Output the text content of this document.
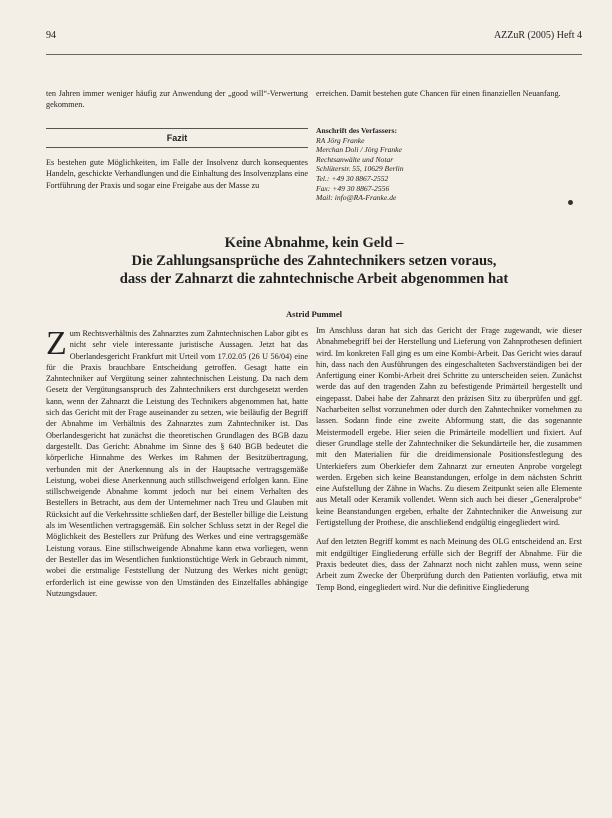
94	AZZuR (2005) Heft 4
ten Jahren immer weniger häufig zur Anwendung der „good will“-Verwertung gekommen.
erreichen. Damit bestehen gute Chancen für einen finanziellen Neuanfang.
Fazit
Es bestehen gute Möglichkeiten, im Falle der Insolvenz durch konsequentes Handeln, geschickte Verhandlungen und die Einhaltung des Insolvenzplans eine Fortführung der Praxis und sogar eine Freigabe aus der Masse zu
Anschrift des Verfassers:
RA Jörg Franke
Merchan Doli / Jörg Franke
Rechtsanwälte und Notar
Schlüterstr. 55, 10629 Berlin
Tel.: +49 30 8867-2552
Fax: +49 30 8867-2556
Mail: info@RA-Franke.de
Keine Abnahme, kein Geld –
Die Zahlungsansprüche des Zahntechnikers setzen voraus,
dass der Zahnarzt die zahntechnische Arbeit abgenommen hat
Astrid Pummel
Z um Rechtsverhältnis des Zahnarztes zum Zahntechnischen Labor gibt es nicht sehr viele interessante juristische Aussagen. Jetzt hat das Oberlandesgericht Frankfurt mit Urteil vom 17.02.05 (26 U 56/04) eine für die Praxis brauchbare Entscheidung getroffen. Gesagt hatte ein Zahntechniker auf Vergütung seiner zahntechnischen Leistung. Da nach dem Gesetz der Vergütungsanspruch des Zahntechnikers erst durchgesetzt werden kann, wenn der Zahnarzt die Leistung des Technikers abgenommen hat, hatte sich das Gericht mit der Frage auseinander zu setzen, wie beiläufig der Begriff der Abnahme im Verhältnis des Zahnarztes zum Zahntechniker ist. Das Oberlandesgericht hat zunächst die theoretischen Grundlagen des BGB dazu dargestellt. Das Gericht: Abnahme im Sinne des § 640 BGB bedeutet die körperliche Hinnahme des Werkes im Rahmen der Besitzübertragung, verbunden mit der Anerkennung als in der Hauptsache vertragsgemäße Leistung, wobei diese Anerkennung auch stillschweigend erfolgen kann. Eine stillschweigende Abnahme kommt jedoch nur bei einem Verhalten des Bestellers in Betracht, aus dem der Unternehmer nach Treu und Glauben mit Rücksicht auf die Verkehrssitte schließen darf, der Besteller billige die Leistung als im Wesentlichen vertragsgemäß. Ein solcher Schluss setzt in der Regel die Möglichkeit des Bestellers zur Prüfung des Werkes und eine vertragsgemäße Leistung voraus. Eine stillschweigende Abnahme kann etwa vorliegen, wenn der Besteller das im Wesentlichen funktionstüchtige Werk in Gebrauch nimmt, wobei die erstmalige Feststellung der Nutzung des Werkes nicht genügt; erforderlich ist eine gewisse von den Umständen des Einzelfalles abhängige Nutzungsdauer.

Im Anschluss daran hat sich das Gericht der Frage zugewandt, wie dieser Abnahmebegriff bei der Herstellung und Lieferung von Zahnprothesen definiert wird. Im konkreten Fall ging es um eine Kombi-Arbeit. Das Gericht wies darauf hin, dass nach den Ausführungen des eingeschalteten Sachverständigen bei der Anfertigung einer Kombi-Arbeit drei Schritte zu unterscheiden seien. Zunächst werde das auf den tragenden Zahn zu befestigende Primärteil hergestellt und eingepasst. Dabei habe der Zahnarzt den präzisen Sitz zu überprüfen und ggf. Nacharbeiten selbst vorzunehmen oder durch den Zahntechniker vornehmen zu lassen. Sodann finde eine zweite Abformung statt, die das sogenannte Meistermodell ergebe. Hier seien die Primärteile modelliert und fixiert. Auf dieser Grundlage stelle der Zahntechniker die Sekundärteile her, die zusammen mit den Materialien für die dreidimensionale Positionsfestlegung des Unterkiefers zum Oberkiefer dem Zahnarzt zur erneuten Anprobe vorgelegt werden. Ergeben sich keine Beanstandungen, erfolge in dem nächsten Schritt eine Aufstellung der Zähne in Wachs. Zu diesem Zeitpunkt seien alle Elemente aus Metall oder Keramik vollendet. Wenn sich auch bei dieser „Generalprobe“ keine Beanstandungen ergeben, erhalte der Zahntechniker die Anweisung zur Fertigstellung der Prothese, die anschließend endgültig eingegliedert wird.

Auf den letzten Begriff kommt es nach Meinung des OLG entscheidend an. Erst mit endgültiger Eingliederung erfülle sich der Begriff der Abnahme. Für die Praxis bedeutet dies, dass der Zahnarzt noch nicht zahlen muss, wenn seine Arbeit zum Zwecke der Überprüfung durch den Patienten vorläufig, etwa mit Temp Bond, eingegliedert wird. Nur die definitive Eingliederung
